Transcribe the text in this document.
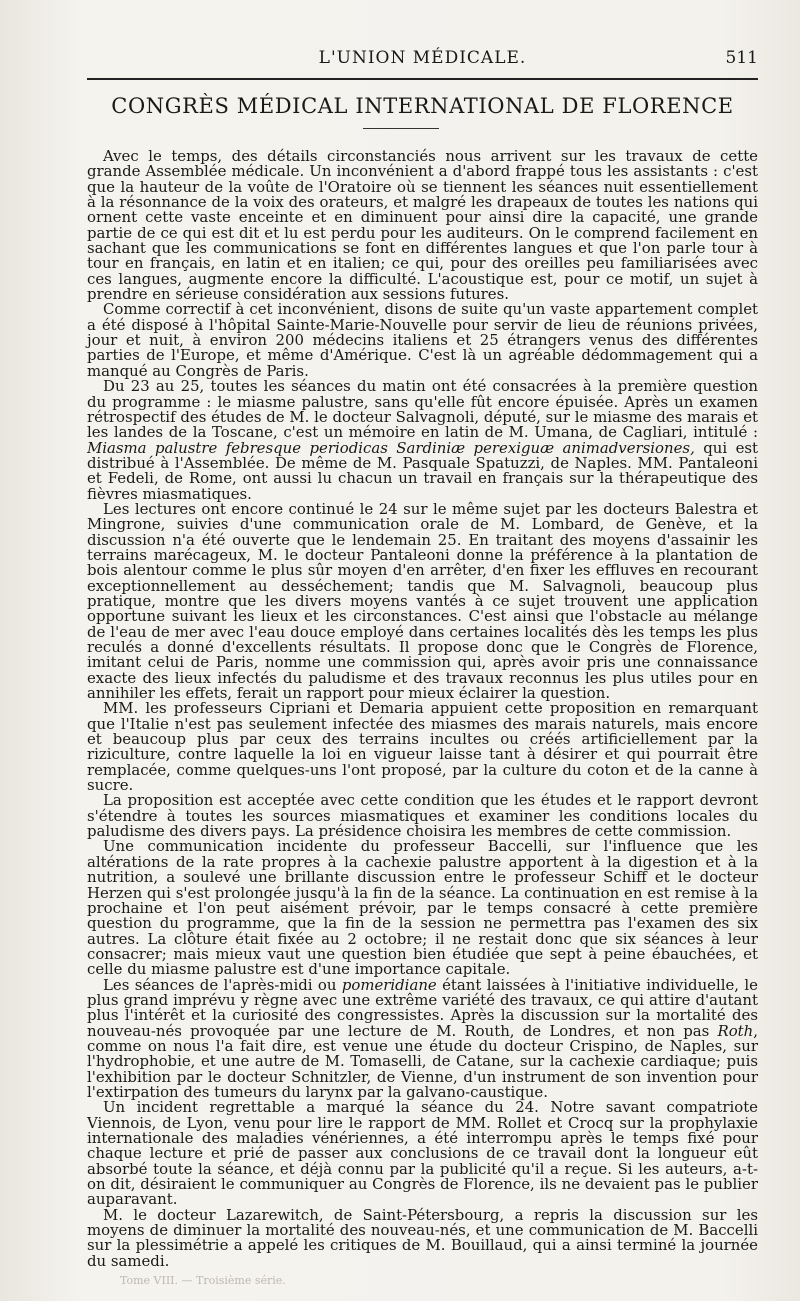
L'UNION MÉDICALE.	511
CONGRÈS MÉDICAL INTERNATIONAL DE FLORENCE

Avec le temps, des détails circonstanciés nous arrivent sur les travaux de cette grande Assemblée médicale. Un inconvénient a d'abord frappé tous les assistants : c'est que la hauteur de la voûte de l'Oratoire où se tiennent les séances nuit essentiellement à la résonnance de la voix des orateurs, et malgré les drapeaux de toutes les nations qui ornent cette vaste enceinte et en diminuent pour ainsi dire la capacité, une grande partie de ce qui est dit et lu est perdu pour les auditeurs. On le comprend facilement en sachant que les communications se font en différentes langues et que l'on parle tour à tour en français, en latin et en italien; ce qui, pour des oreilles peu familiarisées avec ces langues, augmente encore la difficulté. L'acoustique est, pour ce motif, un sujet à prendre en sérieuse considération aux sessions futures.

Comme correctif à cet inconvénient, disons de suite qu'un vaste appartement complet a été disposé à l'hôpital Sainte-Marie-Nouvelle pour servir de lieu de réunions privées, jour et nuit, à environ 200 médecins italiens et 25 étrangers venus des différentes parties de l'Europe, et même d'Amérique. C'est là un agréable dédommagement qui a manqué au Congrès de Paris.

Du 23 au 25, toutes les séances du matin ont été consacrées à la première question du programme : le miasme palustre, sans qu'elle fût encore épuisée. Après un examen rétrospectif des études de M. le docteur Salvagnoli, député, sur le miasme des marais et les landes de la Toscane, c'est un mémoire en latin de M. Umana, de Cagliari, intitulé : Miasma palustre febresque periodicas Sardiniæ perexiguæ animadversiones, qui est distribué à l'Assemblée. De même de M. Pasquale Spatuzzi, de Naples. MM. Pantaleoni et Fedeli, de Rome, ont aussi lu chacun un travail en français sur la thérapeutique des fièvres miasmatiques.

Les lectures ont encore continué le 24 sur le même sujet par les docteurs Balestra et Mingrone, suivies d'une communication orale de M. Lombard, de Genève, et la discussion n'a été ouverte que le lendemain 25. En traitant des moyens d'assainir les terrains marécageux, M. le docteur Pantaleoni donne la préférence à la plantation de bois alentour comme le plus sûr moyen d'en arrêter, d'en fixer les effluves en recourant exceptionnellement au desséchement; tandis que M. Salvagnoli, beaucoup plus pratique, montre que les divers moyens vantés à ce sujet trouvent une application opportune suivant les lieux et les circonstances. C'est ainsi que l'obstacle au mélange de l'eau de mer avec l'eau douce employé dans certaines localités dès les temps les plus reculés a donné d'excellents résultats. Il propose donc que le Congrès de Florence, imitant celui de Paris, nomme une commission qui, après avoir pris une connaissance exacte des lieux infectés du paludisme et des travaux reconnus les plus utiles pour en annihiler les effets, ferait un rapport pour mieux éclairer la question.

MM. les professeurs Cipriani et Demaria appuient cette proposition en remarquant que l'Italie n'est pas seulement infectée des miasmes des marais naturels, mais encore et beaucoup plus par ceux des terrains incultes ou créés artificiellement par la riziculture, contre laquelle la loi en vigueur laisse tant à désirer et qui pourrait être remplacée, comme quelques-uns l'ont proposé, par la culture du coton et de la canne à sucre.

La proposition est acceptée avec cette condition que les études et le rapport devront s'étendre à toutes les sources miasmatiques et examiner les conditions locales du paludisme des divers pays. La présidence choisira les membres de cette commission.

Une communication incidente du professeur Baccelli, sur l'influence que les altérations de la rate propres à la cachexie palustre apportent à la digestion et à la nutrition, a soulevé une brillante discussion entre le professeur Schiff et le docteur Herzen qui s'est prolongée jusqu'à la fin de la séance. La continuation en est remise à la prochaine et l'on peut aisément prévoir, par le temps consacré à cette première question du programme, que la fin de la session ne permettra pas l'examen des six autres. La clôture était fixée au 2 octobre; il ne restait donc que six séances à leur consacrer; mais mieux vaut une question bien étudiée que sept à peine ébauchées, et celle du miasme palustre est d'une importance capitale.

Les séances de l'après-midi ou pomeridiane étant laissées à l'initiative individuelle, le plus grand imprévu y règne avec une extrême variété des travaux, ce qui attire d'autant plus l'intérêt et la curiosité des congressistes. Après la discussion sur la mortalité des nouveau-nés provoquée par une lecture de M. Routh, de Londres, et non pas Roth, comme on nous l'a fait dire, est venue une étude du docteur Crispino, de Naples, sur l'hydrophobie, et une autre de M. Tomaselli, de Catane, sur la cachexie cardiaque; puis l'exhibition par le docteur Schnitzler, de Vienne, d'un instrument de son invention pour l'extirpation des tumeurs du larynx par la galvano-caustique.

Un incident regrettable a marqué la séance du 24. Notre savant compatriote Viennois, de Lyon, venu pour lire le rapport de MM. Rollet et Crocq sur la prophylaxie internationale des maladies vénériennes, a été interrompu après le temps fixé pour chaque lecture et prié de passer aux conclusions de ce travail dont la longueur eût absorbé toute la séance, et déjà connu par la publicité qu'il a reçue. Si les auteurs, a-t-on dit, désiraient le communiquer au Congrès de Florence, ils ne devaient pas le publier auparavant.

M. le docteur Lazarewitch, de Saint-Pétersbourg, a repris la discussion sur les moyens de diminuer la mortalité des nouveau-nés, et une communication de M. Baccelli sur la plessimétrie a appelé les critiques de M. Bouillaud, qui a ainsi terminé la journée du samedi.

Tome VIII. — Troisième série.
